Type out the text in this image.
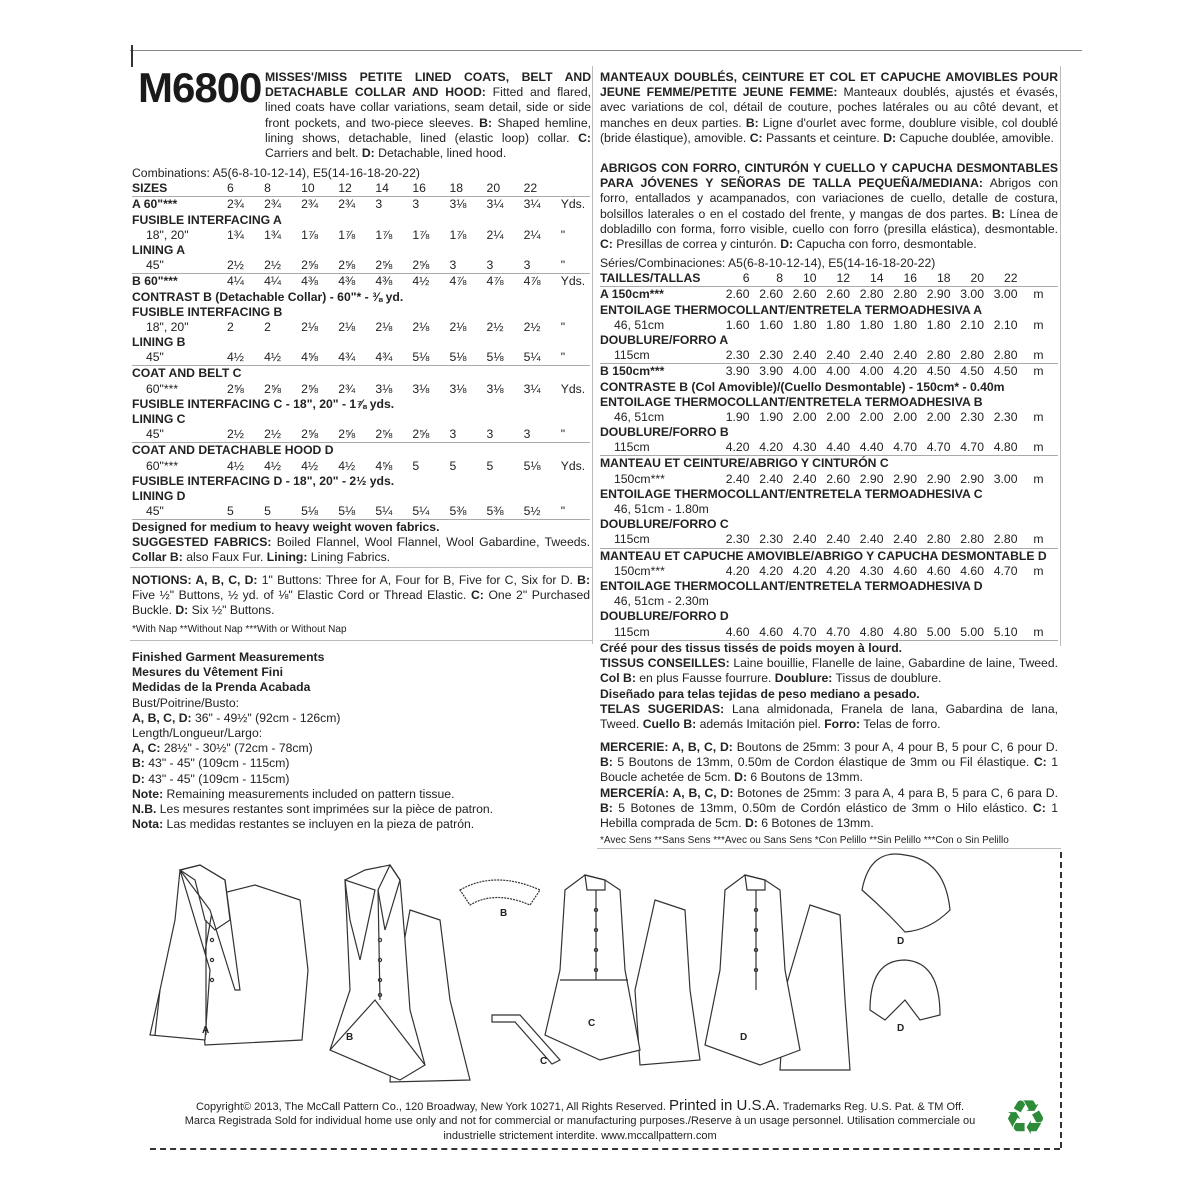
M6800 MISSES'/MISS PETITE LINED COATS, BELT AND DETACHABLE COLLAR AND HOOD: Fitted and flared, lined coats have collar variations, seam detail, side or side front pockets, and two-piece sleeves. B: Shaped hemline, lining shows, detachable, lined (elastic loop) collar. C: Carriers and belt. D: Detachable, lined hood.
MANTEAUX DOUBLÉS, CEINTURE ET COL ET CAPUCHE AMOVIBLES POUR JEUNE FEMME/PETITE JEUNE FEMME: Manteaux doublés, ajustés et évasés, avec variations de col, détail de couture, poches latérales ou au côté devant, et manches en deux parties. B: Ligne d'ourlet avec forme, doublure visible, col doublé (bride élastique), amovible. C: Passants et ceinture. D: Capuche doublée, amovible.
ABRIGOS CON FORRO, CINTURÓN Y CUELLO Y CAPUCHA DESMONTABLES PARA JÓVENES Y SEÑORAS DE TALLA PEQUEÑA/MEDIANA: Abrigos con forro, entallados y acampanados, con variaciones de cuello, detalle de costura, bolsillos laterales o en el costado del frente, y mangas de dos partes. B: Línea de dobladillo con forma, forro visible, cuello con forro (presilla elástica), desmontable. C: Presillas de correa y cinturón. D: Capucha con forro, desmontable.
Combinations: A5(6-8-10-12-14), E5(14-16-18-20-22)
SIZES	6	8	10	12	14	16	18	20	22
A 60"***	2¾	2¾	2¾	2¾	3	3	3⅛	3¼	3¼	Yds.
FUSIBLE INTERFACING A
18", 20"	1¾	1¾	1⅞	1⅞	1⅞	1⅞	1⅞	2¼	2¼	"
LINING A
45"	2½	2½	2⅝	2⅝	2⅝	2⅝	3	3	3	"
B 60"***	4¼	4¼	4⅜	4⅜	4⅜	4½	4⅞	4⅞	4⅞	Yds.
CONTRAST B (Detachable Collar) - 60"* - ⅜ yd.
FUSIBLE INTERFACING B
18", 20"	2	2	2⅛	2⅛	2⅛	2⅛	2⅛	2½	2½	"
LINING B
45"	4½	4½	4⅝	4¾	4¾	5⅛	5⅛	5⅛	5¼	"
COAT AND BELT C
60"***	2⅝	2⅝	2⅝	2¾	3⅛	3⅛	3⅛	3⅛	3¼	Yds.
FUSIBLE INTERFACING C - 18", 20" - 1⅞ yds.
LINING C
45"	2½	2½	2⅝	2⅝	2⅝	2⅝	3	3	3	"
COAT AND DETACHABLE HOOD D
60"***	4½	4½	4½	4½	4⅝	5	5	5	5⅛	Yds.
FUSIBLE INTERFACING D - 18", 20" - 2½ yds.
LINING D
45"	5	5	5⅛	5⅛	5¼	5¼	5⅜	5⅜	5½	"
Séries/Combinaciones: A5(6-8-10-12-14), E5(14-16-18-20-22)
TAILLES/TALLAS	6	8	10	12	14	16	18	20	22
A 150cm***	2.60 2.60 2.60 2.60 2.80 2.80 2.90 3.00 3.00	m
ENTOILAGE THERMOCOLLANT/ENTRETELA TERMOADHESIVA A
46, 51cm	1.60 1.60 1.80 1.80 1.80 1.80 1.80 2.10 2.10	m
DOUBLURE/FORRO A
115cm	2.30 2.30 2.40 2.40 2.40 2.40 2.80 2.80 2.80	m
B 150cm***	3.90 3.90 4.00 4.00 4.00 4.20 4.50 4.50 4.50	m
CONTRASTE B (Col Amovible)/(Cuello Desmontable) - 150cm* - 0.40m
ENTOILAGE THERMOCOLLANT/ENTRETELA TERMOADHESIVA B
46, 51cm	1.90 1.90 2.00 2.00 2.00 2.00 2.00 2.30 2.30	m
DOUBLURE/FORRO B
115cm	4.20 4.20 4.30 4.40 4.40 4.70 4.70 4.70 4.80	m
MANTEAU ET CEINTURE/ABRIGO Y CINTURÓN C
150cm***	2.40 2.40 2.40 2.60 2.90 2.90 2.90 2.90 3.00	m
ENTOILAGE THERMOCOLLANT/ENTRETELA TERMOADHESIVA C
46, 51cm - 1.80m
DOUBLURE/FORRO C
115cm	2.30 2.30 2.40 2.40 2.40 2.40 2.80 2.80 2.80	m
MANTEAU ET CAPUCHE AMOVIBLE/ABRIGO Y CAPUCHA DESMONTABLE D
150cm***	4.20 4.20 4.20 4.20 4.30 4.60 4.60 4.60 4.70	m
ENTOILAGE THERMOCOLLANT/ENTRETELA TERMOADHESIVA D
46, 51cm - 2.30m
DOUBLURE/FORRO D
115cm	4.60 4.60 4.70 4.70 4.80 4.80 5.00 5.00 5.10	m
Designed for medium to heavy weight woven fabrics.
SUGGESTED FABRICS: Boiled Flannel, Wool Flannel, Wool Gabardine, Tweeds. Collar B: also Faux Fur. Lining: Lining Fabrics.
NOTIONS: A, B, C, D: 1" Buttons: Three for A, Four for B, Five for C, Six for D. B: Five ½" Buttons, ½ yd. of ⅛" Elastic Cord or Thread Elastic. C: One 2" Purchased Buckle. D: Six ½" Buttons.
*With Nap **Without Nap ***With or Without Nap
Finished Garment Measurements
Mesures du Vêtement Fini
Medidas de la Prenda Acabada
Bust/Poitrine/Busto:
A, B, C, D: 36" - 49½" (92cm - 126cm)
Length/Longueur/Largo:
A, C: 28½" - 30½" (72cm - 78cm)
B: 43" - 45" (109cm - 115cm)
D: 43" - 45" (109cm - 115cm)
Note: Remaining measurements included on pattern tissue.
N.B. Les mesures restantes sont imprimées sur la pièce de patron.
Nota: Las medidas restantes se incluyen en la pieza de patrón.
Créé pour des tissus tissés de poids moyen à lourd.
TISSUS CONSEILLES: Laine bouillie, Flanelle de laine, Gabardine de laine, Tweed. Col B: en plus Fausse fourrure. Doublure: Tissus de doublure.
Diseñado para telas tejidas de peso mediano a pesado.
TELAS SUGERIDAS: Lana almidonada, Franela de lana, Gabardina de lana, Tweed. Cuello B: además Imitación piel. Forro: Telas de forro.
MERCERIE: A, B, C, D: Boutons de 25mm: 3 pour A, 4 pour B, 5 pour C, 6 pour D. B: 5 Boutons de 13mm, 0.50m de Cordon élastique de 3mm ou Fil élastique. C: 1 Boucle achetée de 5cm. D: 6 Boutons de 13mm.
MERCERÍA: A, B, C, D: Botones de 25mm: 3 para A, 4 para B, 5 para C, 6 para D. B: 5 Botones de 13mm, 0.50m de Cordón elástico de 3mm o Hilo elástico. C: 1 Hebilla comprada de 5cm. D: 6 Botones de 13mm.
*Avec Sens **Sans Sens ***Avec ou Sans Sens *Con Pelillo **Sin Pelillo ***Con o Sin Pelillo
A
B
B
C
C
D
D
D
Copyright© 2013, The McCall Pattern Co., 120 Broadway, New York 10271, All Rights Reserved. Printed in U.S.A. Trademarks Reg. U.S. Pat. & TM Off.
Marca Registrada Sold for individual home use only and not for commercial or manufacturing purposes./Reserve à un usage personnel. Utilisation commerciale ou industrielle strictement interdite. www.mccallpattern.com	♻
